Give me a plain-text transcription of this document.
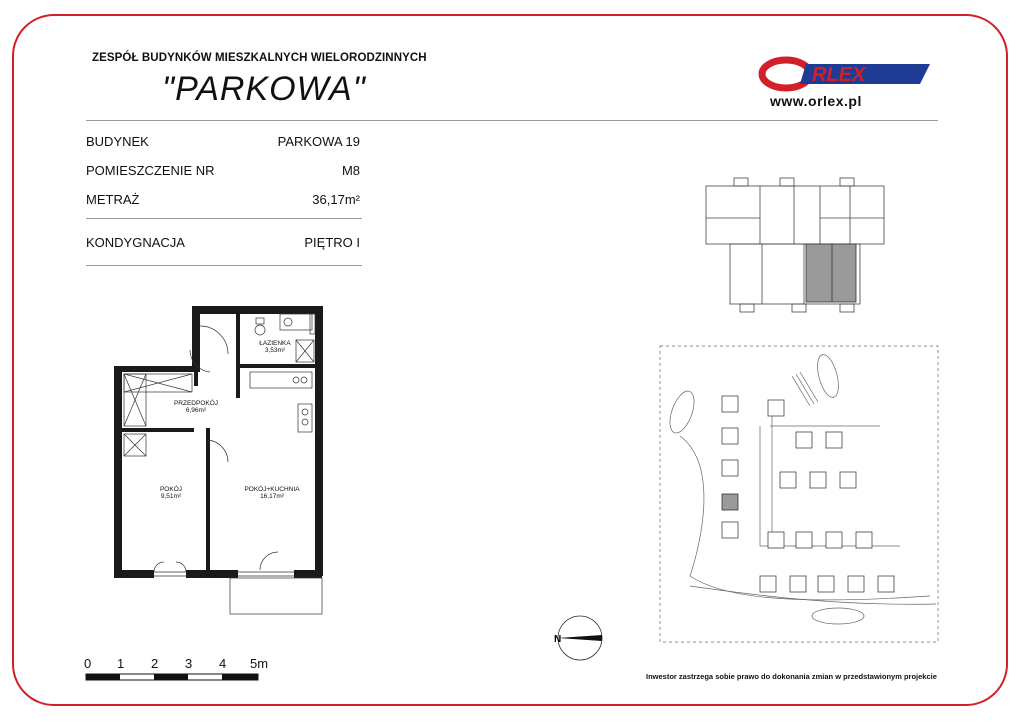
ZESPÓŁ BUDYNKÓW MIESZKALNYCH WIELORODZINNYCH
"PARKOWA"	RLEX
www.orlex.pl
BUDYNEK	PARKOWA 19
POMIESZCZENIE NR	M8
METRAŻ	36,17m²
KONDYGNACJA	PIĘTRO I
ŁAZIENKA
3,53m²
PRZEDPOKÓJ
6,96m²
POKÓJ
9,51m²
POKÓJ+KUCHNIA
16,17m²
N
0 1 2 3 4 5m
Inwestor zastrzega sobie prawo do dokonania zmian w przedstawionym projekcie
